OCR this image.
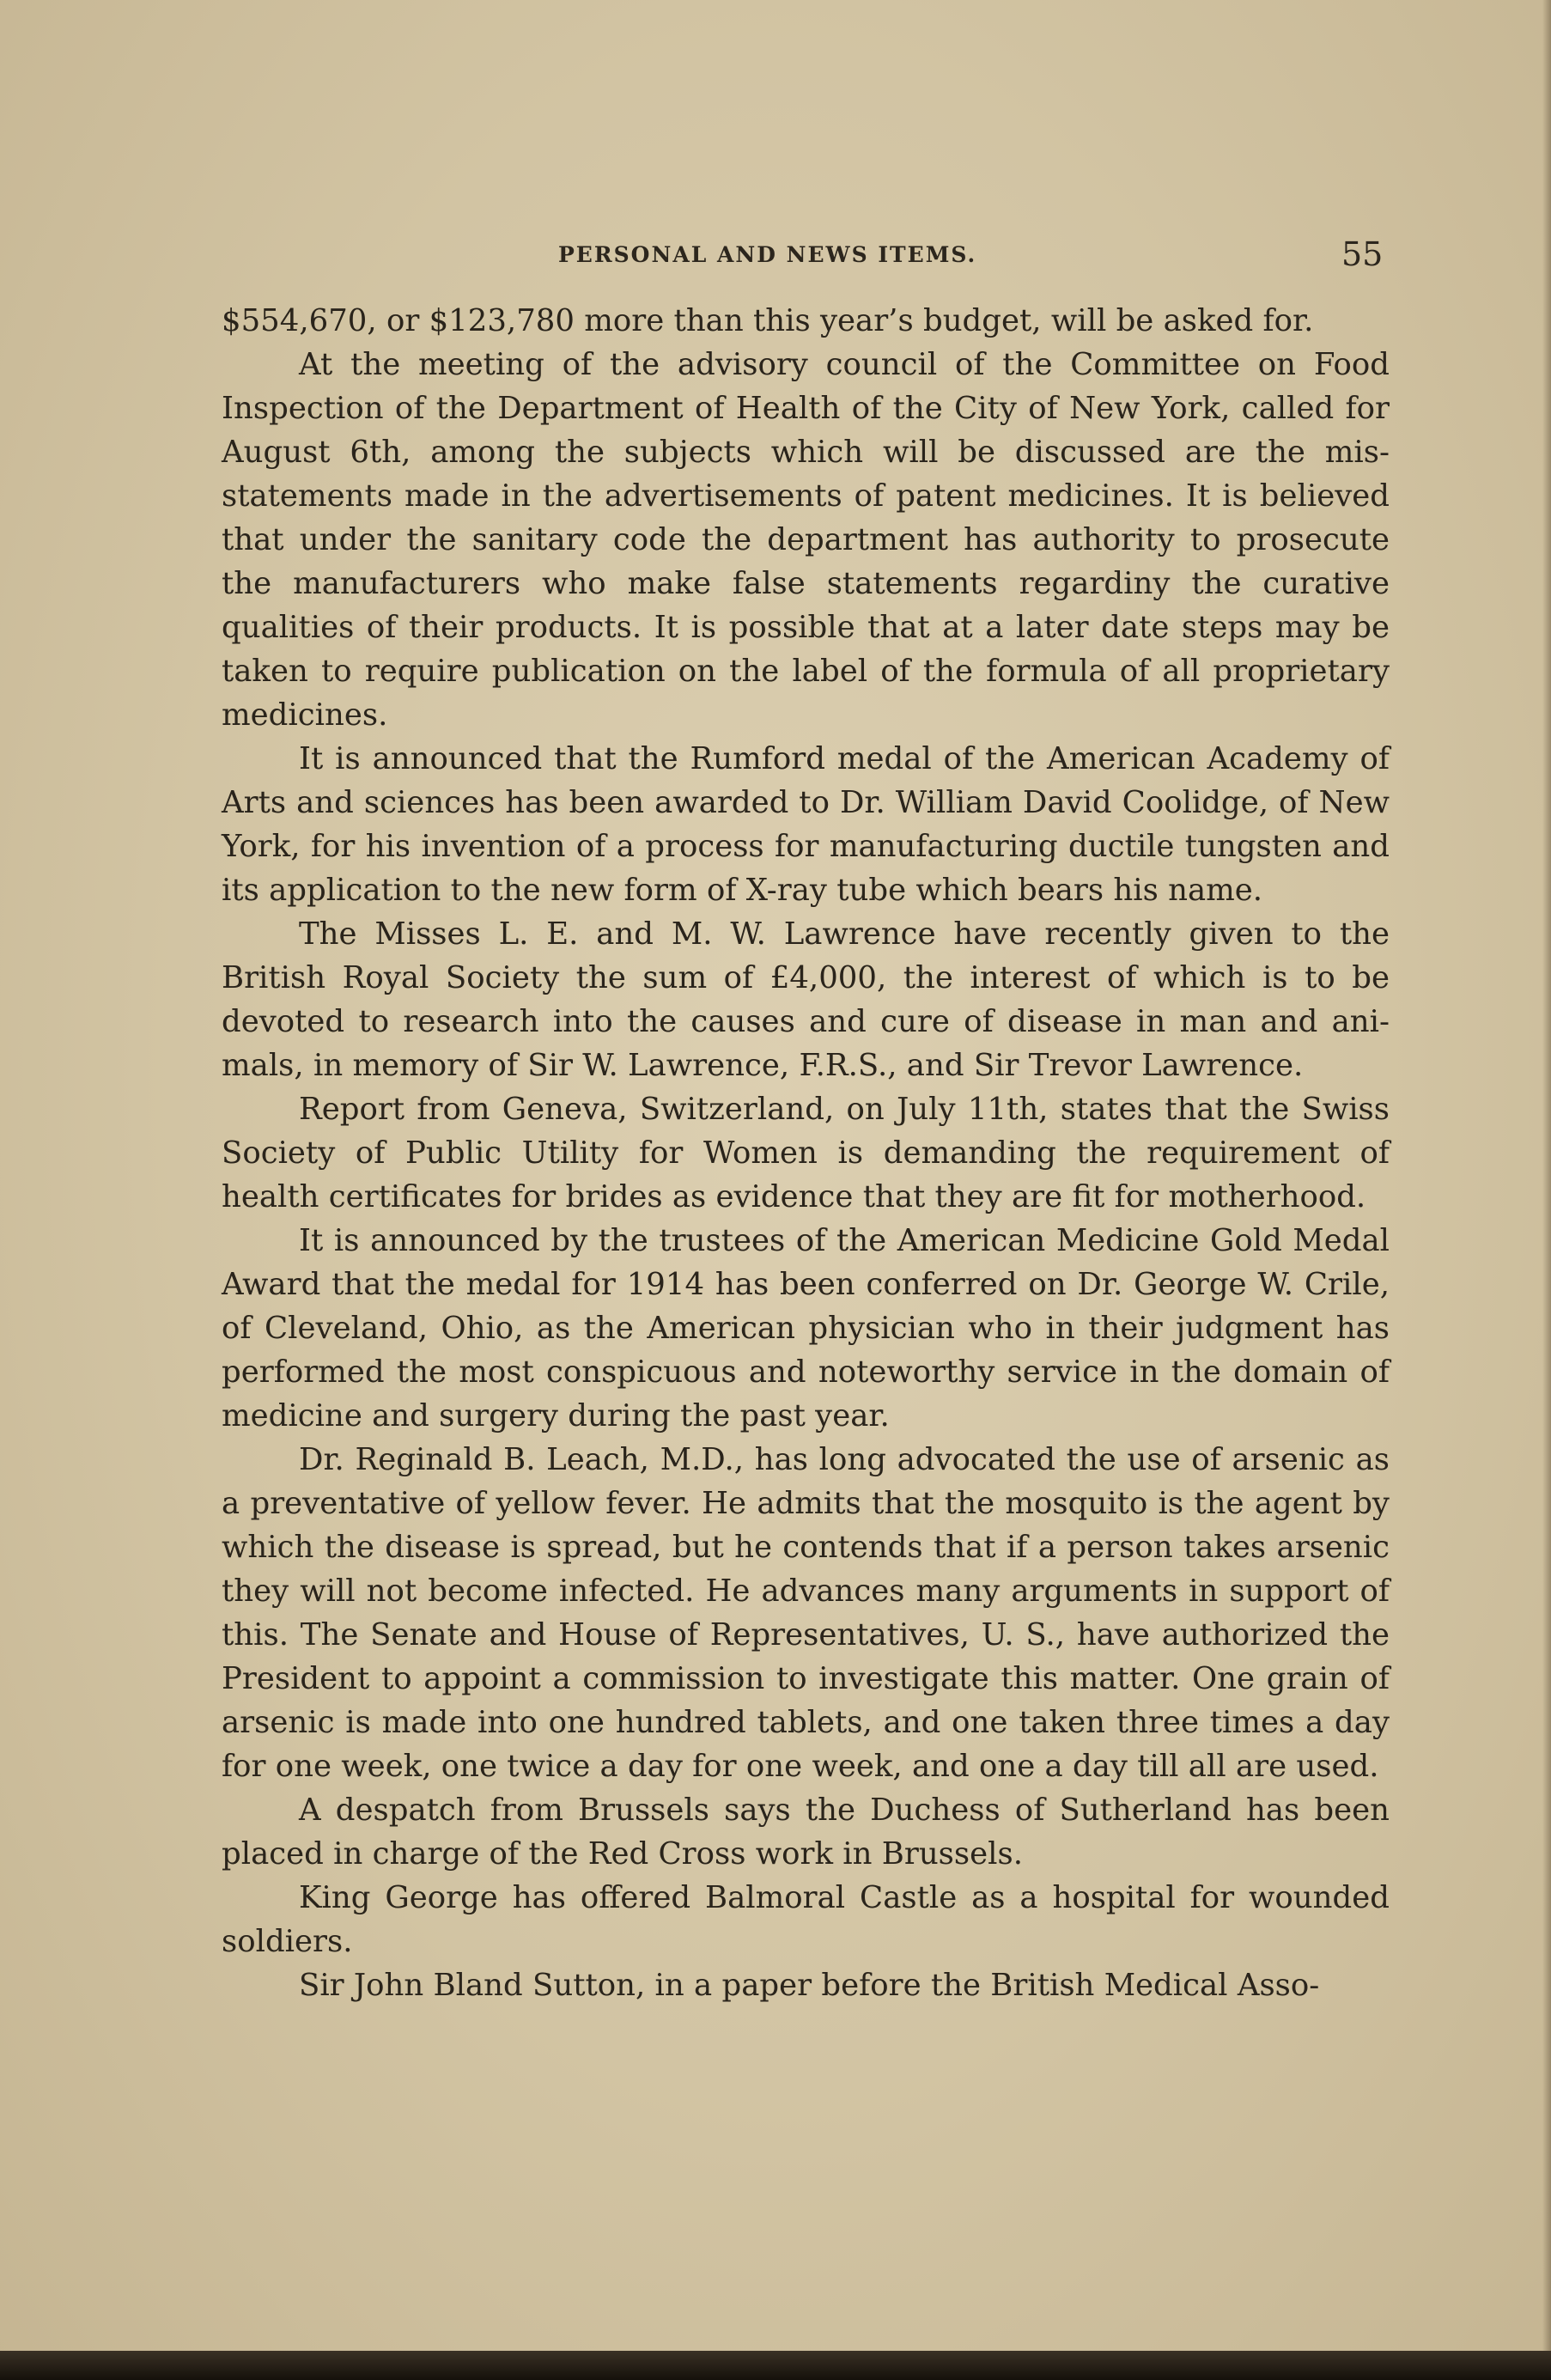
PERSONAL AND NEWS ITEMS.	55

$554,670, or $123,780 more than this year’s budget, will be asked for.

At the meeting of the advisory council of the Committee on Food Inspection of the Department of Health of the City of New York, called for August 6th, among the subjects which will be discussed are the misstatements made in the advertisements of patent medicines. It is believed that under the sanitary code the department has authority to prosecute the manufacturers who make false statements regardiny the curative qualities of their products. It is possible that at a later date steps may be taken to require publication on the label of the formula of all proprietary medicines.

It is announced that the Rumford medal of the American Academy of Arts and sciences has been awarded to Dr. William David Coolidge, of New York, for his invention of a process for manufacturing ductile tungsten and its application to the new form of X-ray tube which bears his name.

The Misses L. E. and M. W. Lawrence have recently given to the British Royal Society the sum of £4,000, the interest of which is to be devoted to research into the causes and cure of disease in man and animals, in memory of Sir W. Lawrence, F.R.S., and Sir Trevor Lawrence.

Report from Geneva, Switzerland, on July 11th, states that the Swiss Society of Public Utility for Women is demanding the requirement of health certificates for brides as evidence that they are fit for motherhood.

It is announced by the trustees of the American Medicine Gold Medal Award that the medal for 1914 has been conferred on Dr. George W. Crile, of Cleveland, Ohio, as the American physician who in their judgment has performed the most conspicuous and noteworthy service in the domain of medicine and surgery during the past year.

Dr. Reginald B. Leach, M.D., has long advocated the use of arsenic as a preventative of yellow fever. He admits that the mosquito is the agent by which the disease is spread, but he contends that if a person takes arsenic they will not become infected. He advances many arguments in support of this. The Senate and House of Representatives, U. S., have authorized the President to appoint a commission to investigate this matter. One grain of arsenic is made into one hundred tablets, and one taken three times a day for one week, one twice a day for one week, and one a day till all are used.

A despatch from Brussels says the Duchess of Sutherland has been placed in charge of the Red Cross work in Brussels.

King George has offered Balmoral Castle as a hospital for wounded soldiers.

Sir John Bland Sutton, in a paper before the British Medical Asso-
